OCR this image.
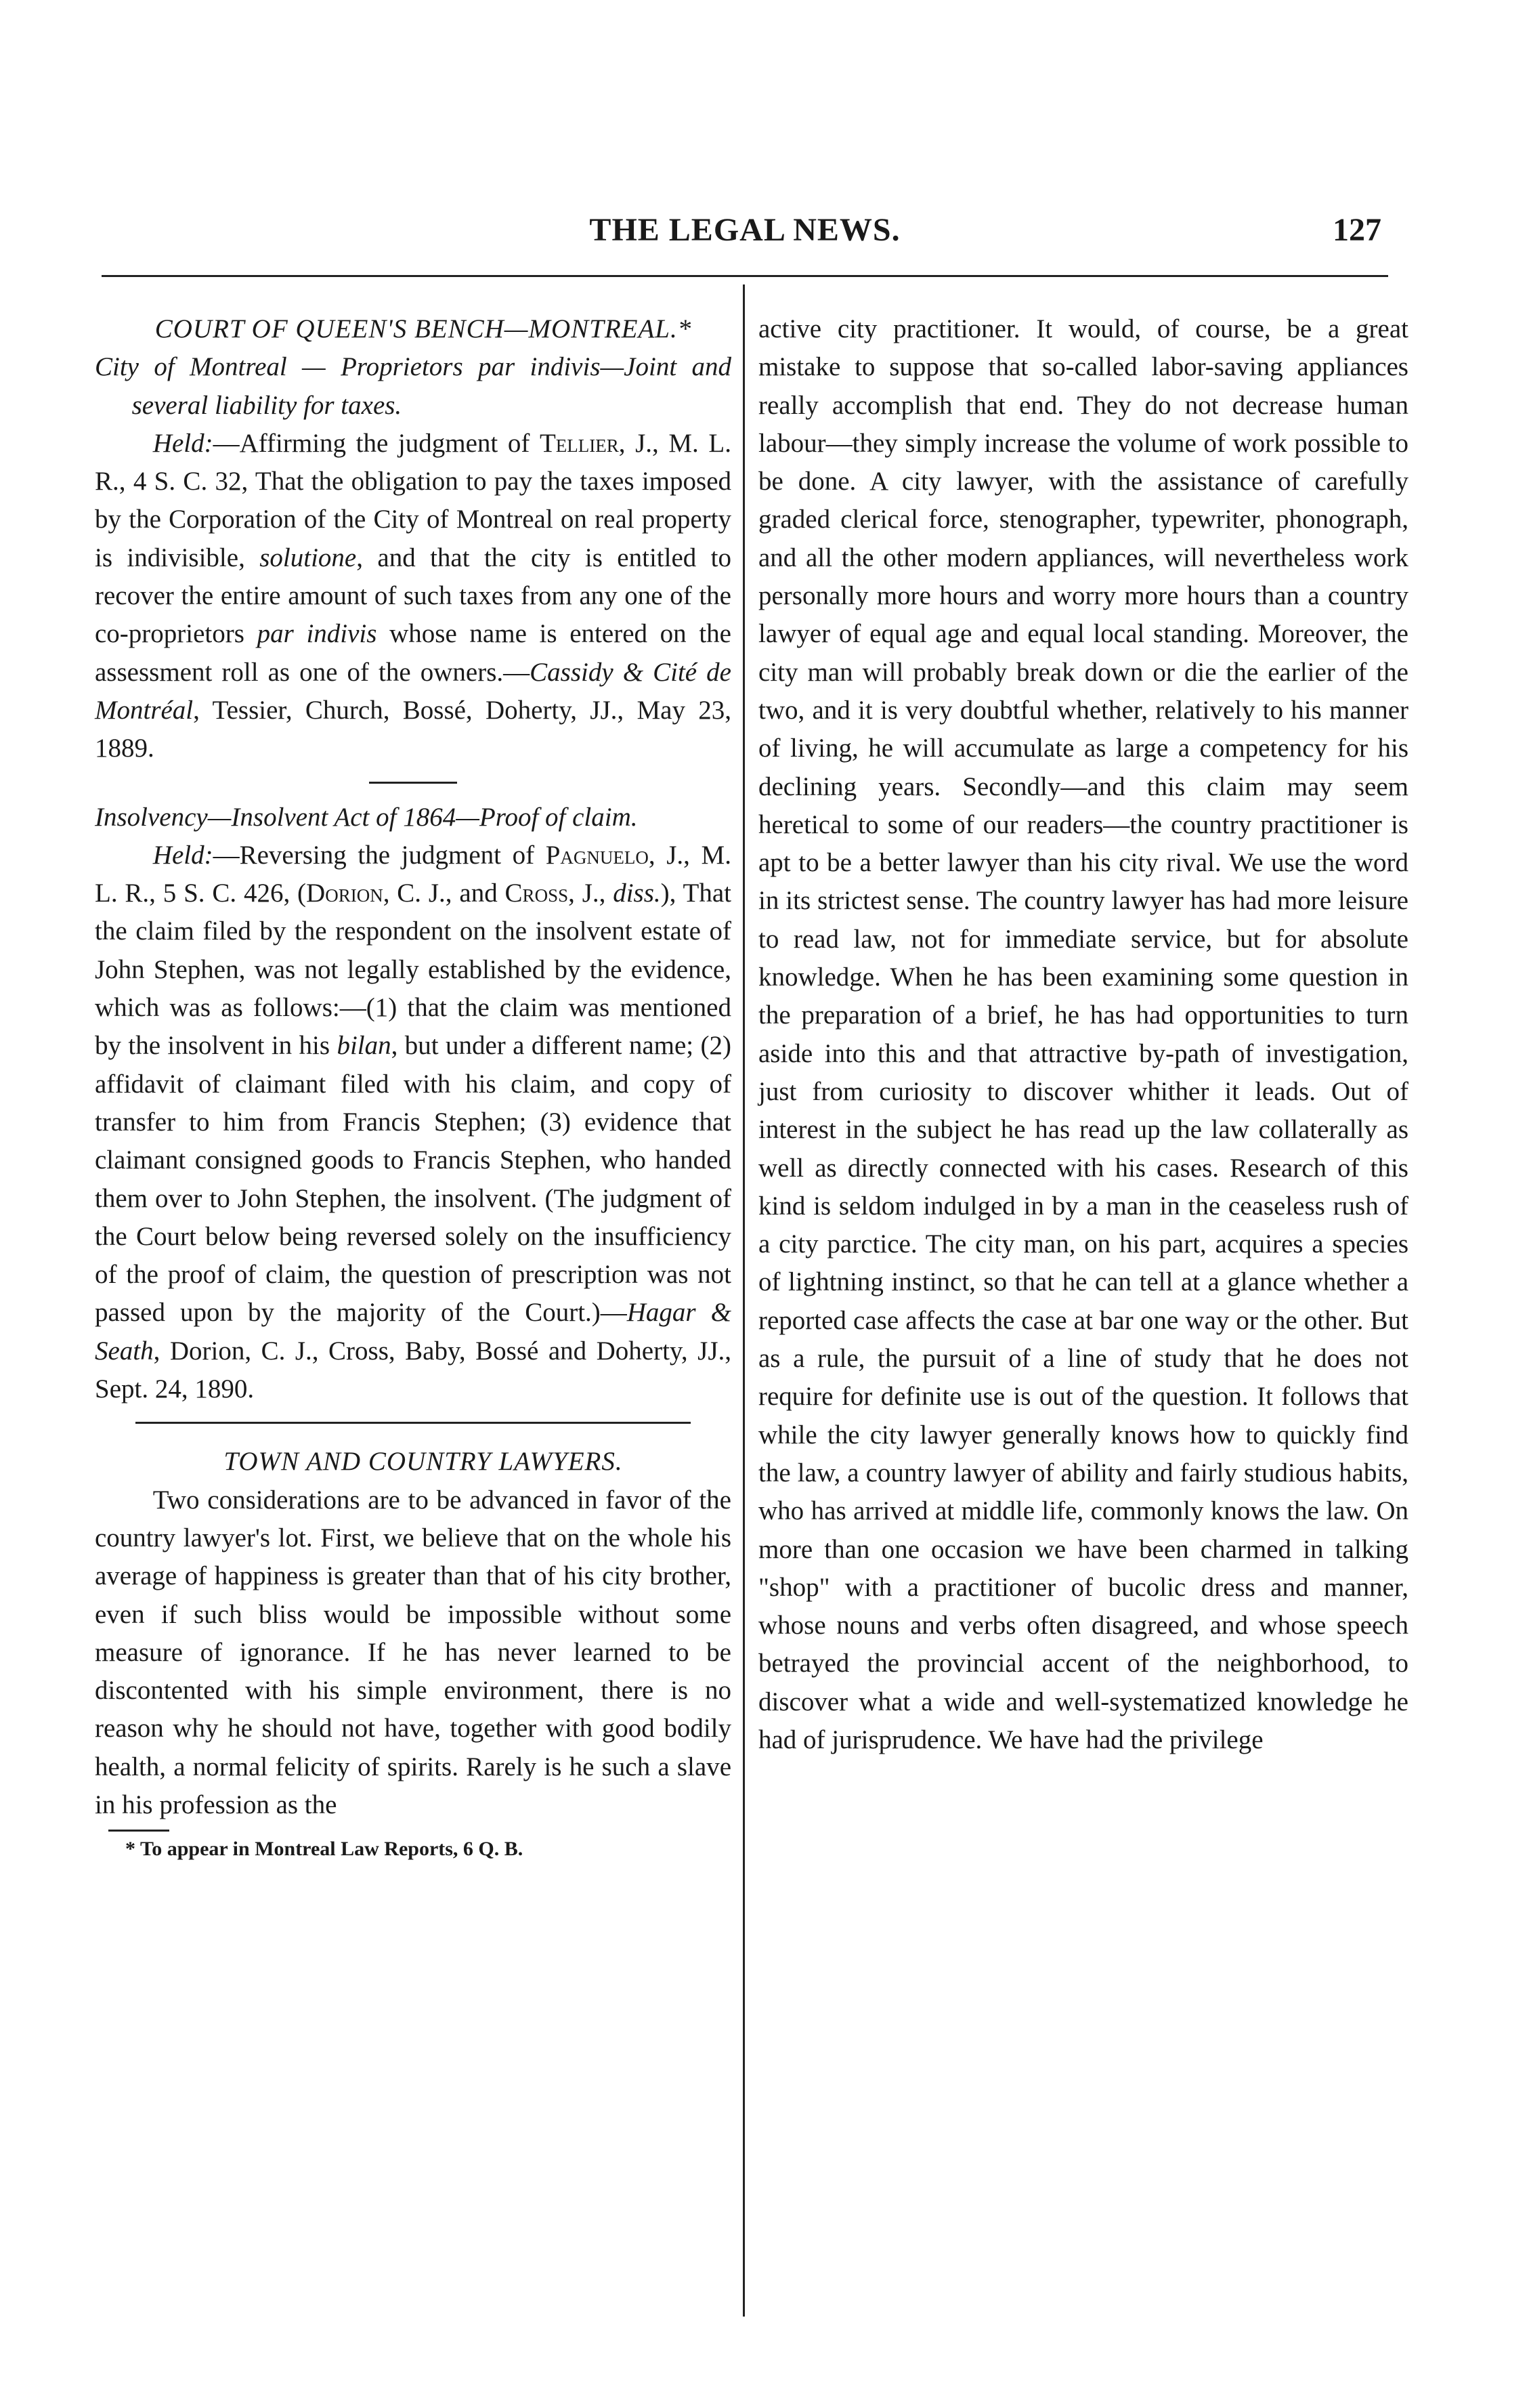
THE LEGAL NEWS.	127

COURT OF QUEEN'S BENCH—MONTREAL.*

City of Montreal — Proprietors par indivis—Joint and several liability for taxes.

Held:—Affirming the judgment of Tellier, J., M. L. R., 4 S. C. 32, That the obligation to pay the taxes imposed by the Corporation of the City of Montreal on real property is indivisible, solutione, and that the city is entitled to recover the entire amount of such taxes from any one of the co-proprietors par indivis whose name is entered on the assessment roll as one of the owners.—Cassidy & Cité de Montréal, Tessier, Church, Bossé, Doherty, JJ., May 23, 1889.

Insolvency—Insolvent Act of 1864—Proof of claim.

Held:—Reversing the judgment of Pagnuelo, J., M. L. R., 5 S. C. 426, (Dorion, C. J., and Cross, J., diss.), That the claim filed by the respondent on the insolvent estate of John Stephen, was not legally established by the evidence, which was as follows:—(1) that the claim was mentioned by the insolvent in his bilan, but under a different name; (2) affidavit of claimant filed with his claim, and copy of transfer to him from Francis Stephen; (3) evidence that claimant consigned goods to Francis Stephen, who handed them over to John Stephen, the insolvent. (The judgment of the Court below being reversed solely on the insufficiency of the proof of claim, the question of prescription was not passed upon by the majority of the Court.)—Hagar & Seath, Dorion, C. J., Cross, Baby, Bossé and Doherty, JJ., Sept. 24, 1890.

TOWN AND COUNTRY LAWYERS.

Two considerations are to be advanced in favor of the country lawyer's lot. First, we believe that on the whole his average of happiness is greater than that of his city brother, even if such bliss would be impossible without some measure of ignorance. If he has never learned to be discontented with his simple environment, there is no reason why he should not have, together with good bodily health, a normal felicity of spirits. Rarely is he such a slave in his profession as the

* To appear in Montreal Law Reports, 6 Q. B.

active city practitioner. It would, of course, be a great mistake to suppose that so-called labor-saving appliances really accomplish that end. They do not decrease human labour—they simply increase the volume of work possible to be done. A city lawyer, with the assistance of carefully graded clerical force, stenographer, typewriter, phonograph, and all the other modern appliances, will nevertheless work personally more hours and worry more hours than a country lawyer of equal age and equal local standing. Moreover, the city man will probably break down or die the earlier of the two, and it is very doubtful whether, relatively to his manner of living, he will accumulate as large a competency for his declining years. Secondly—and this claim may seem heretical to some of our readers—the country practitioner is apt to be a better lawyer than his city rival. We use the word in its strictest sense. The country lawyer has had more leisure to read law, not for immediate service, but for absolute knowledge. When he has been examining some question in the preparation of a brief, he has had opportunities to turn aside into this and that attractive by-path of investigation, just from curiosity to discover whither it leads. Out of interest in the subject he has read up the law collaterally as well as directly connected with his cases. Research of this kind is seldom indulged in by a man in the ceaseless rush of a city parctice. The city man, on his part, acquires a species of lightning instinct, so that he can tell at a glance whether a reported case affects the case at bar one way or the other. But as a rule, the pursuit of a line of study that he does not require for definite use is out of the question. It follows that while the city lawyer generally knows how to quickly find the law, a country lawyer of ability and fairly studious habits, who has arrived at middle life, commonly knows the law. On more than one occasion we have been charmed in talking "shop" with a practitioner of bucolic dress and manner, whose nouns and verbs often disagreed, and whose speech betrayed the provincial accent of the neighborhood, to discover what a wide and well-systematized knowledge he had of jurisprudence. We have had the privilege
